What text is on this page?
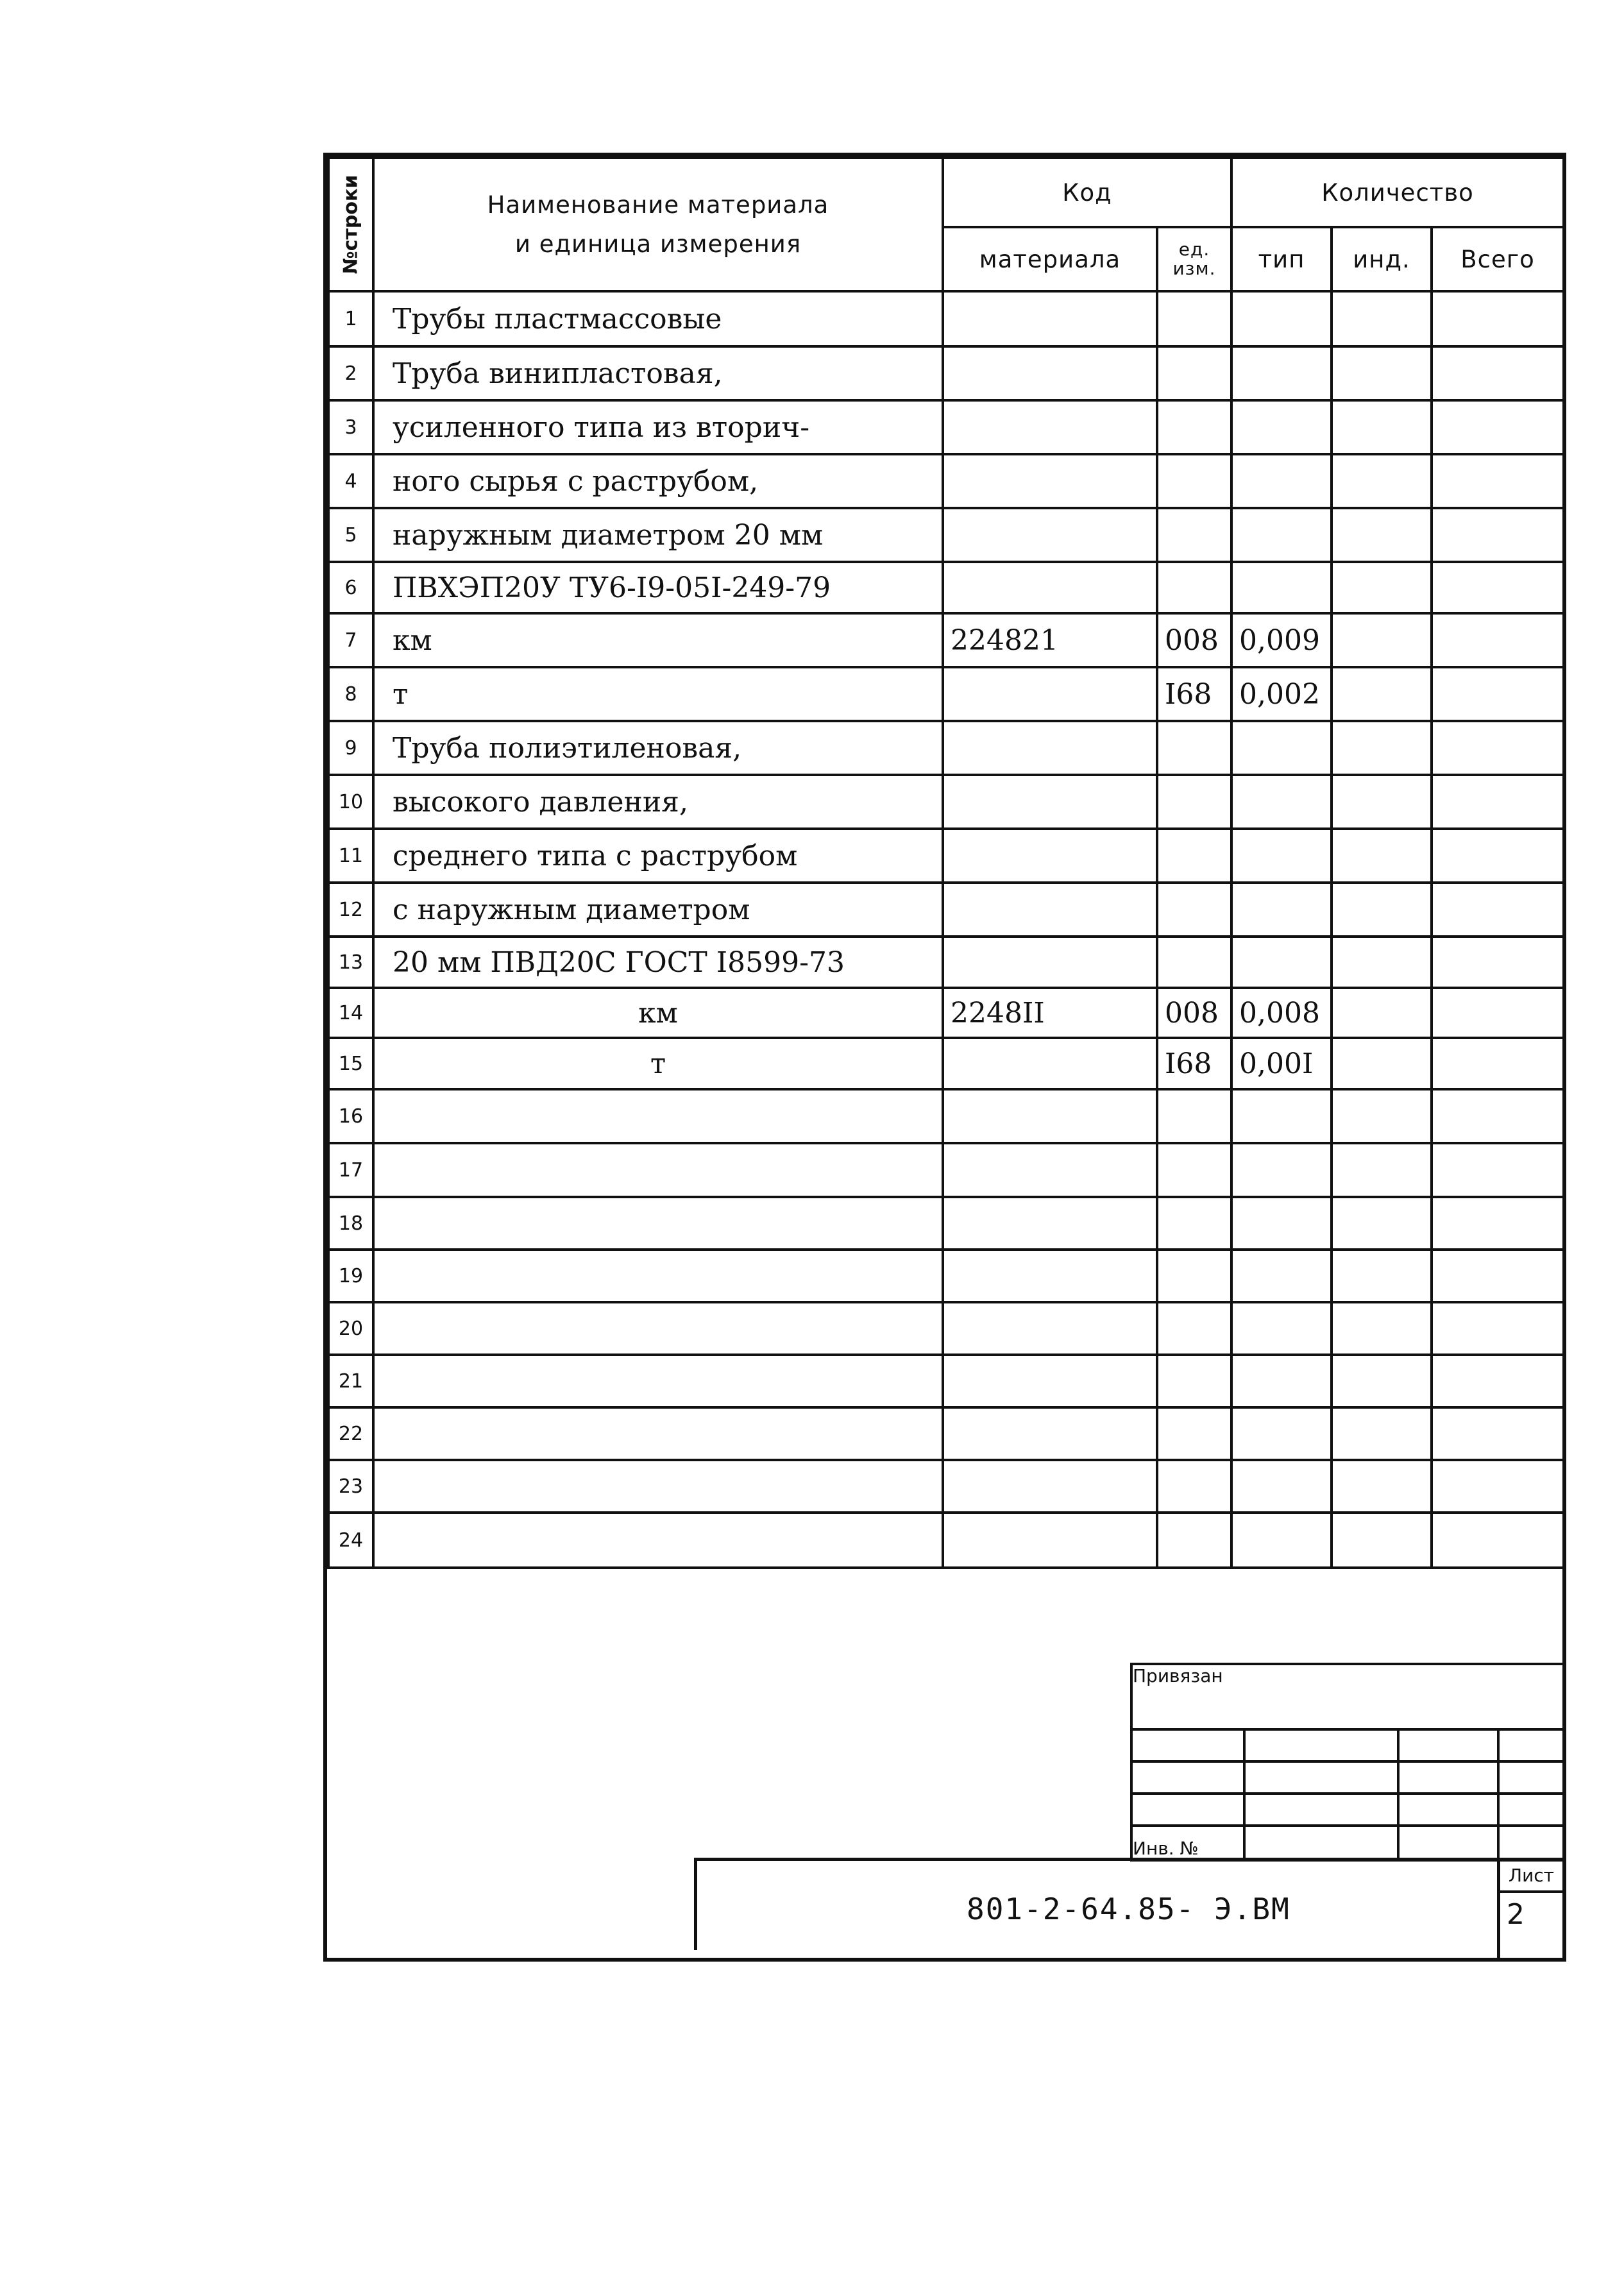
№строки	Наименование материала
и единица измерения	Код		Количество		
		материала	ед. изм.	тип	инд.	Всего
1	Трубы пластмассовые					
2	Труба винипластовая,					
3	усиленного типа из вторич-					
4	ного сырья с раструбом,					
5	наружным диаметром 20 мм					
6	ПВХЭП20У ТУ6-I9-05I-249-79					
7	км	224821	008	0,009		
8	т		I68	0,002		
9	Труба полиэтиленовая,					
10	высокого давления,					
11	среднего типа с раструбом					
12	с наружным диаметром					
13	20 мм ПВД20С ГОСТ I8599-73					
14	км	2248II	008	0,008		
15	т		I68	0,00I		
16						
17						
18						
19						
20						
21						
22						
23						
24						
Привязан			

Инв. №			
801-2-64.85- Э.ВМ
Лист
2
